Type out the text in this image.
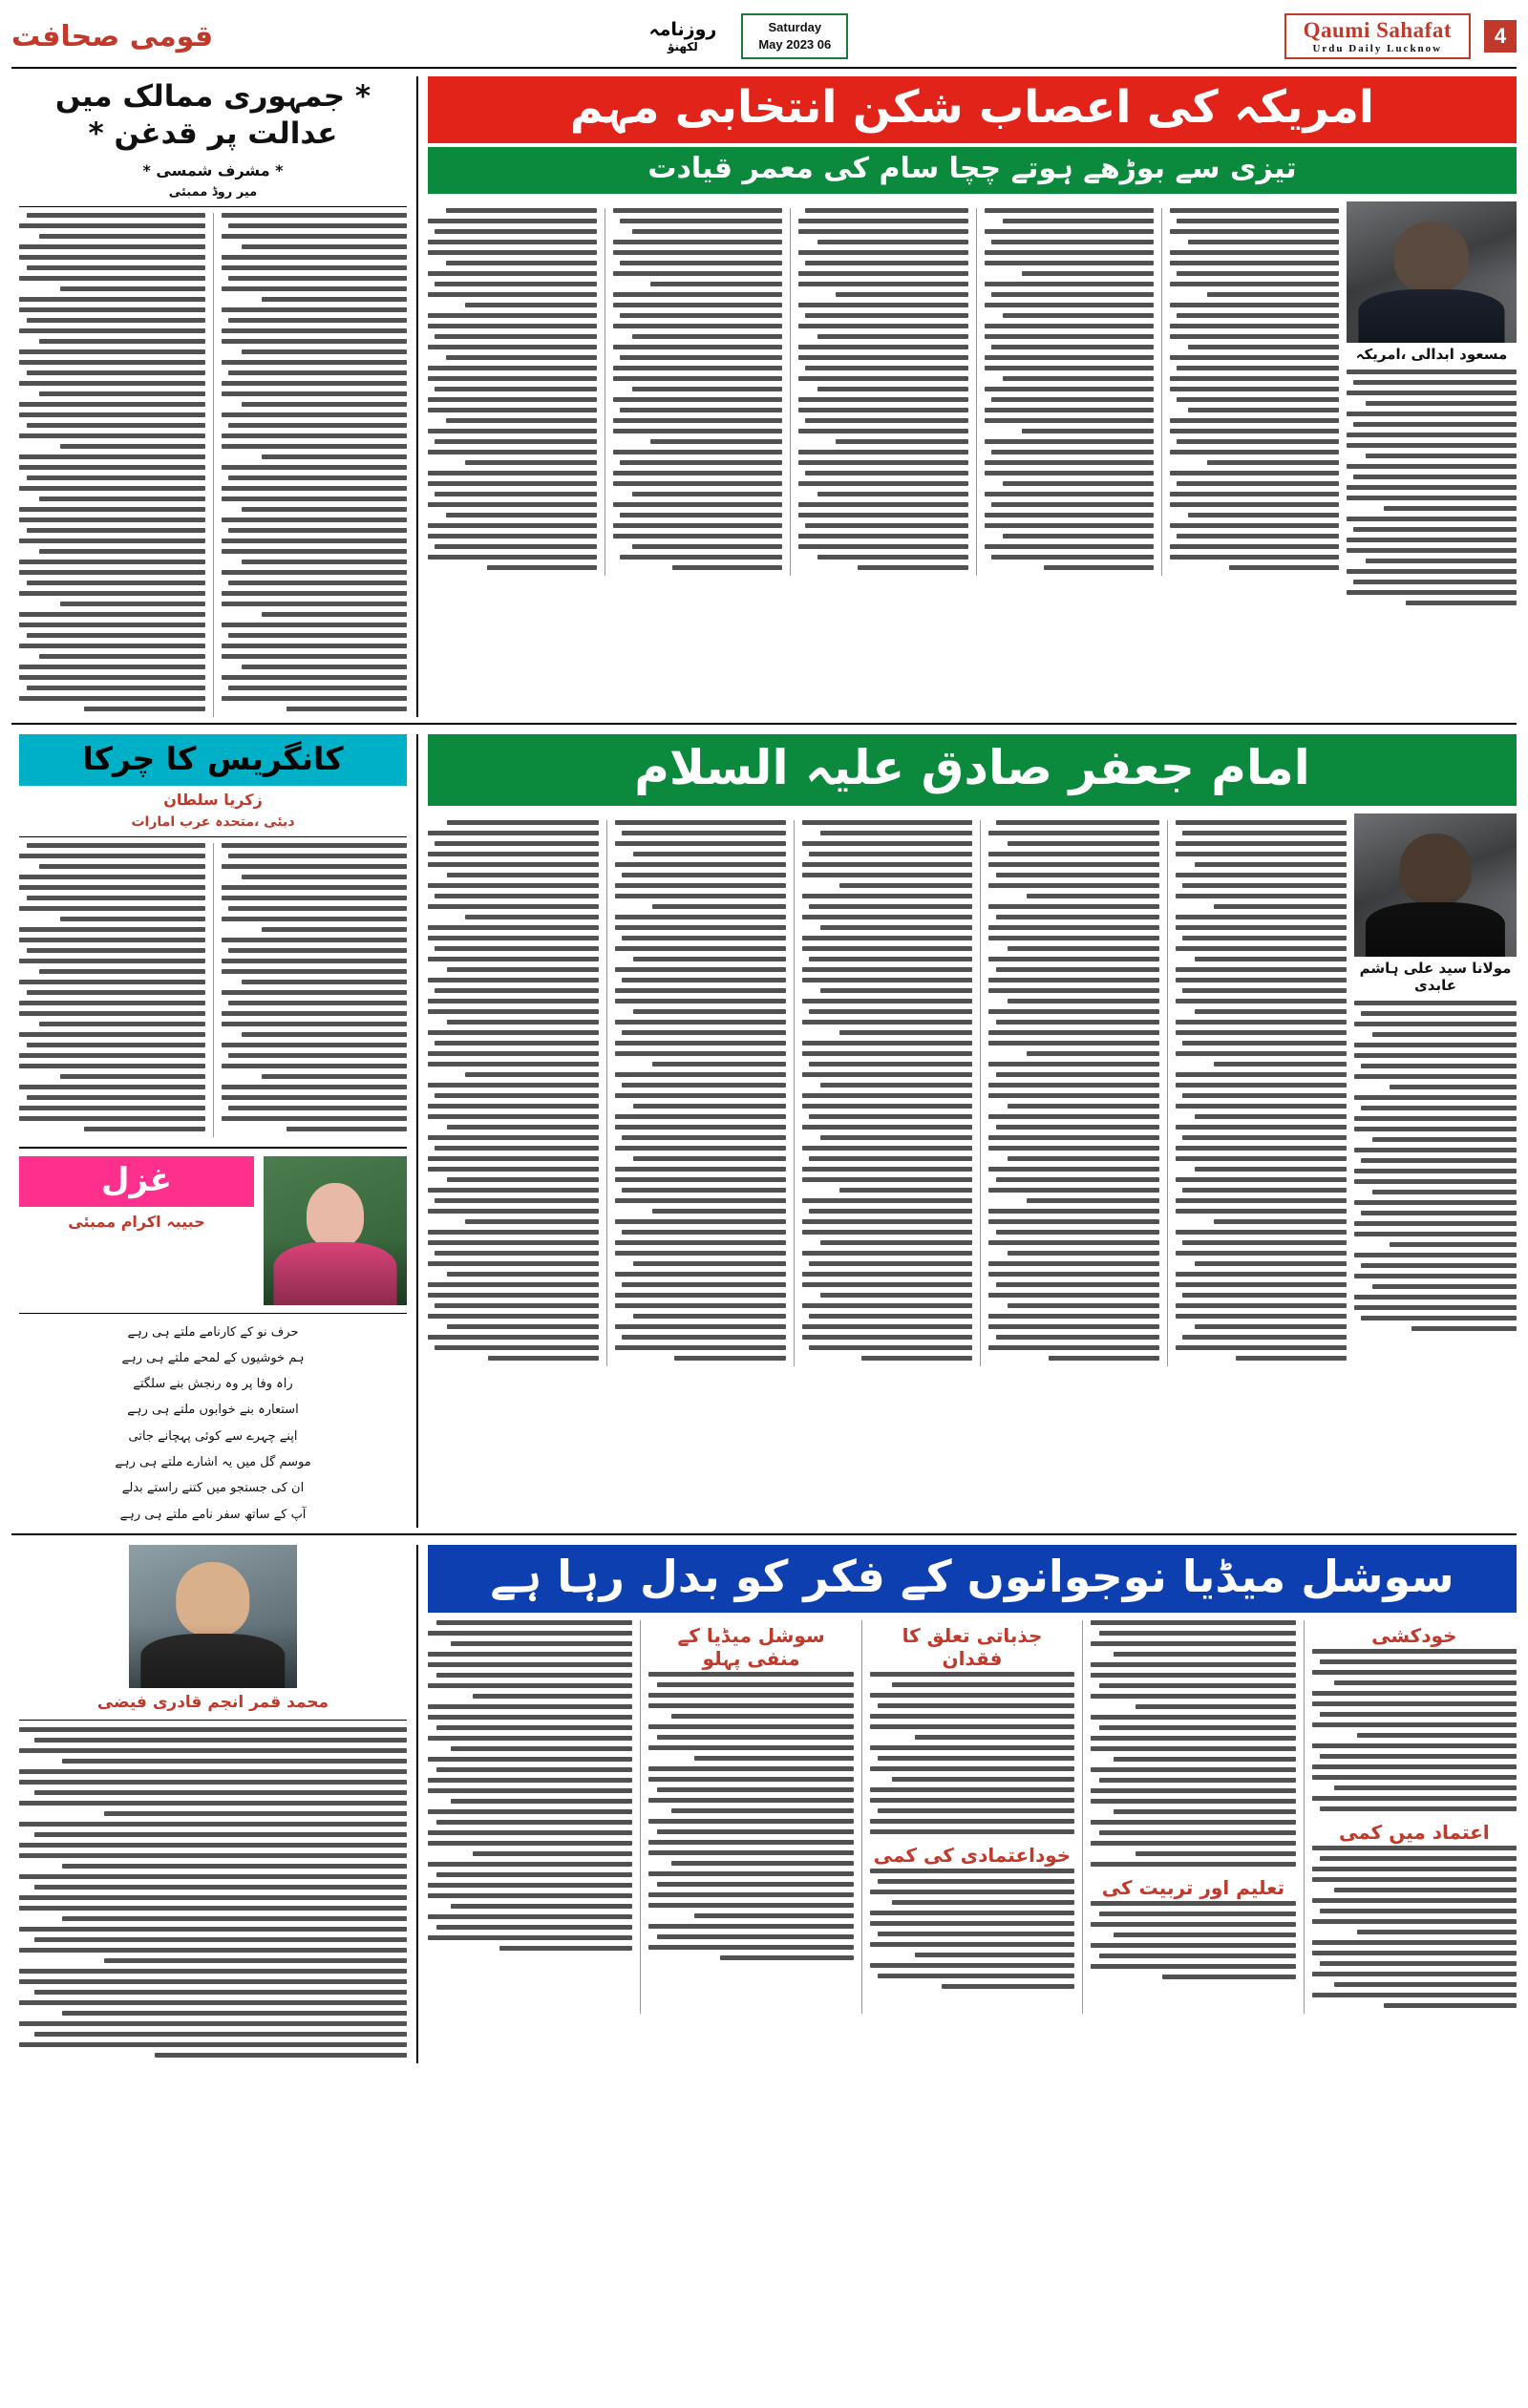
4
Qaumi Sahafat
Urdu Daily Lucknow
Saturday
06 May 2023
روزنامہ
لکھنؤ
قومی صحافت
امریکہ کی اعصاب شکن انتخابی مہم
تیزی سے بوڑھے ہوتے چچا سام کی معمر قیادت
مسعود ابدالی ،امریکہ
* جمہوری ممالک میں عدالت پر قدغن *
* مشرف شمسی *
میر روڈ ممبئی
امام جعفر صادق علیہ السلام
مولانا سید علی ہاشم عابدی
کانگریس کا چرکا
زکریا سلطان
دبئی ،متحدہ عرب امارات
غزل
حبیبہ اکرام ممبئی
حرف نو کے کارنامے ملتے ہی رہے
ہم خوشیوں کے لمحے ملتے ہی رہے
راہ وفا پر وہ رنجش بنے سلگتے
استعارہ بنے خوابوں ملتے ہی رہے
اپنے چہرے سے کوئی پہچانے جاتی
موسم گل میں یہ اشارے ملتے ہی رہے
ان کی جستجو میں کتنے راستے بدلے
آپ کے ساتھ سفر نامے ملتے ہی رہے
سوشل میڈیا نوجوانوں کے فکر کو بدل رہا ہے
خودکشی
اعتماد میں کمی
تعلیم اور تربیت کی
جذباتی تعلق کا فقدان
خوداعتمادی کی کمی
سوشل میڈیا کے منفی پہلو
محمد قمر انجم قادری فیضی
